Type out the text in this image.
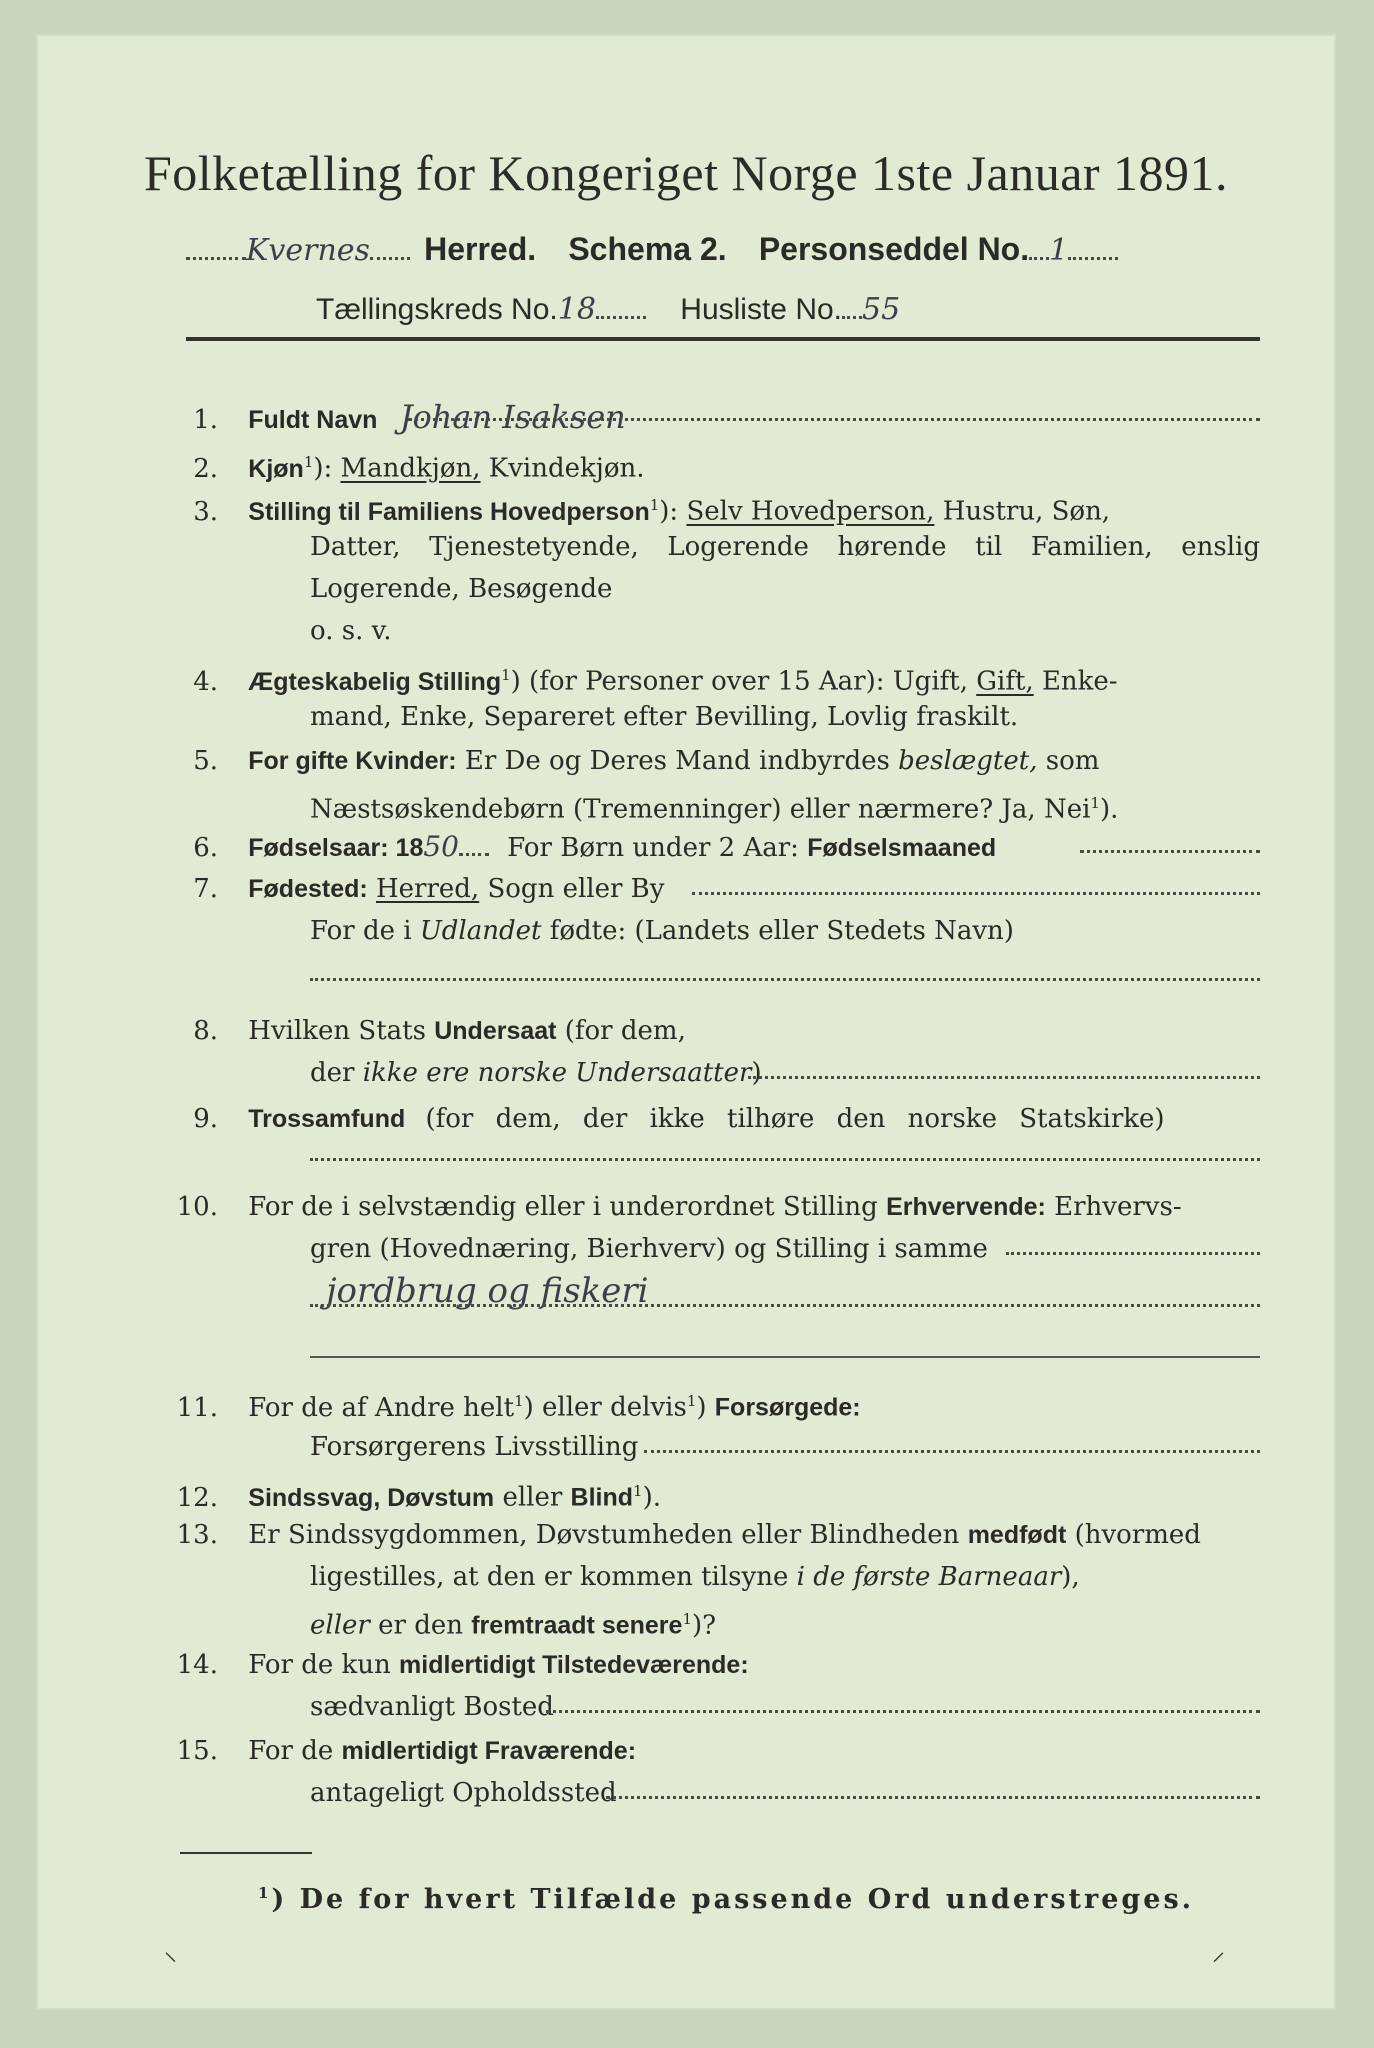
Folketælling for Kongeriget Norge 1ste Januar 1891.
Kvernes Herred. Schema 2. Personseddel No. 1
Tællingskreds No.18	Husliste No. 55
1. Fuldt Navn Johan Isaksen
2. Kjøn$^1$): Mandkjøn, Kvindekjøn.
3. Stilling til Familiens Hovedperson$^1$): Selv Hovedperson, Hustru, Søn,
Datter, Tjenestetyende, Logerende hørende til Familien, enslig
Logerende, Besøgende
o. s. v.
4. Ægteskabelig Stilling$^1$) (for Personer over 15 Aar): Ugift, Gift, Enke-
mand, Enke, Separeret efter Bevilling, Lovlig fraskilt.
5. For gifte Kvinder: Er De og Deres Mand indbyrdes beslægtet, som
Næstsøskendebørn (Tremenninger) eller nærmere? Ja, Nei$^1$).
6. Fødselsaar: 1850 For Børn under 2 Aar: Fødselsmaaned
7. Fødested: Herred, Sogn eller By
For de i Udlandet fødte: (Landets eller Stedets Navn)
8. Hvilken Stats Undersaat (for dem,
der ikke ere norske Undersaatter)
9. Trossamfund (for dem, der ikke tilhøre den norske Statskirke)
10. For de i selvstændig eller i underordnet Stilling Erhvervende: Erhvervs-
gren (Hovednæring, Bierhverv) og Stilling i samme
jordbrug og fiskeri
11. For de af Andre helt$^1$) eller delvis$^1$) Forsørgede:
Forsørgerens Livsstilling
12. Sindssvag, Døvstum eller Blind$^1$).
13. Er Sindssygdommen, Døvstumheden eller Blindheden medfødt (hvormed
ligestilles, at den er kommen tilsyne i de første Barneaar),
eller er den fremtraadt senere$^1$)?
14. For de kun midlertidigt Tilstedeværende:
sædvanligt Bosted
15. For de midlertidigt Fraværende:
antageligt Opholdssted
$^1$) De for hvert Tilfælde passende Ord understreges.
⸜	⸝
